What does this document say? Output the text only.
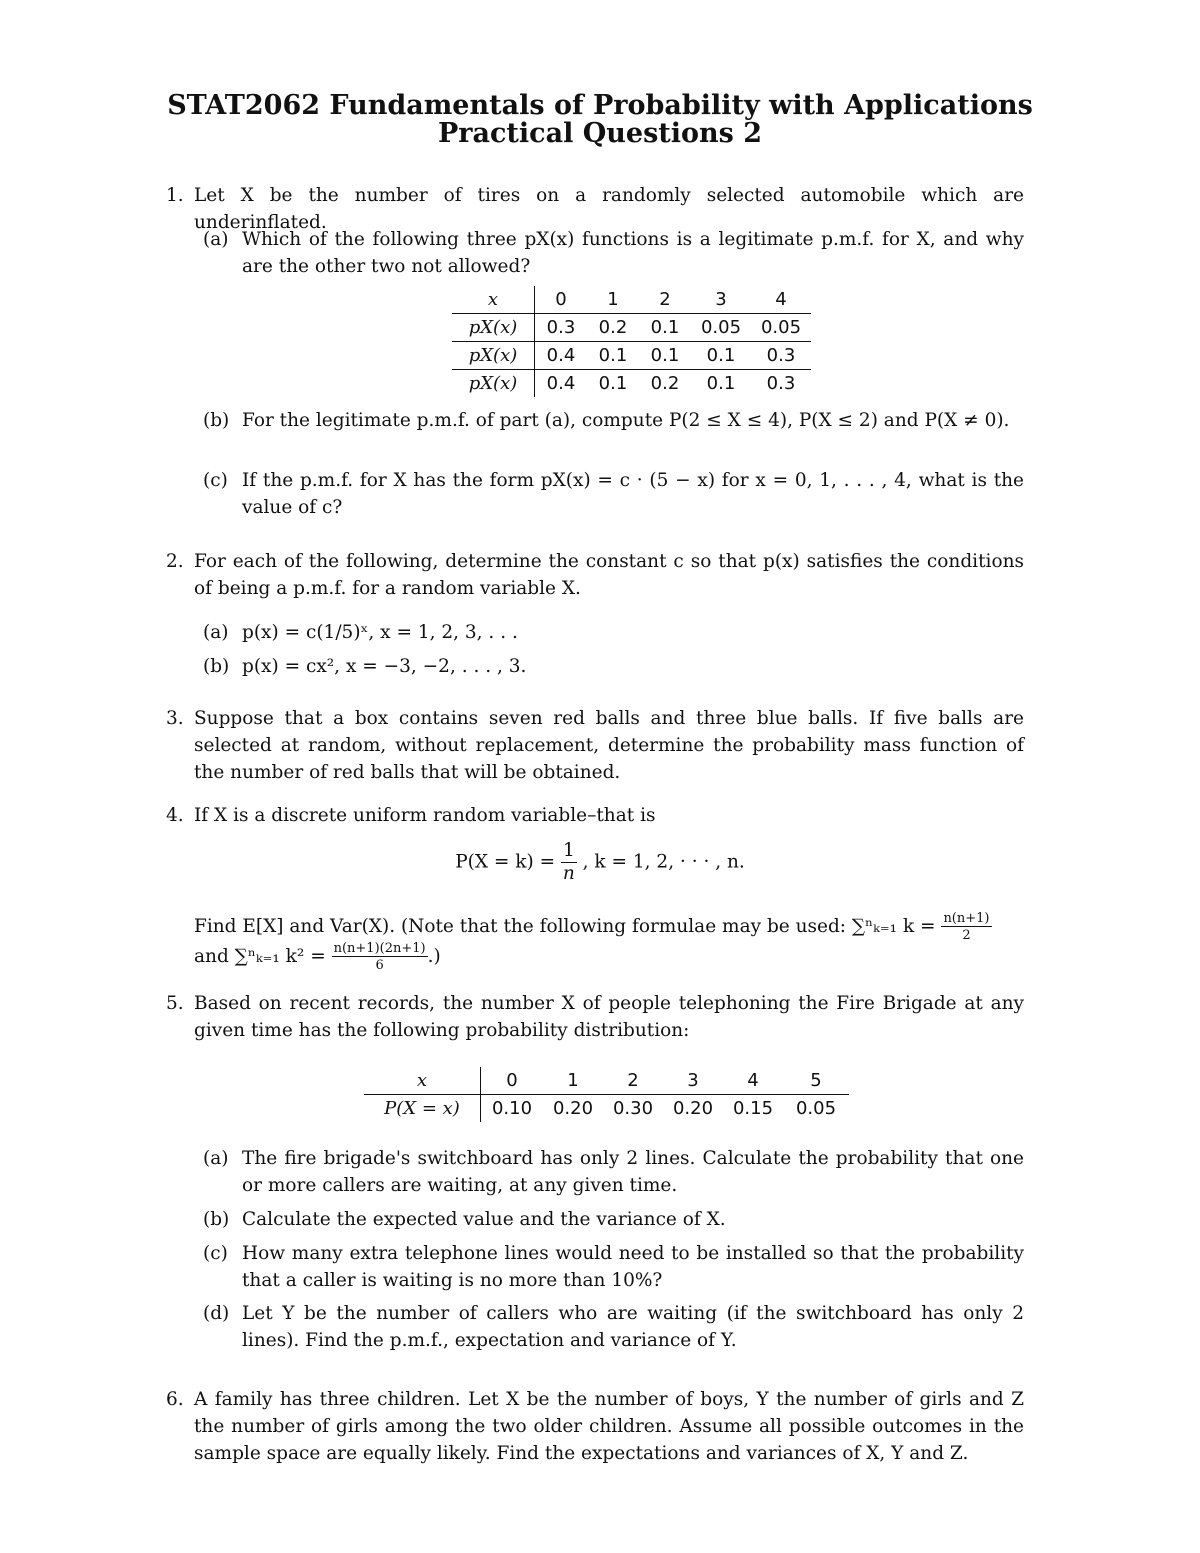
STAT2062 Fundamentals of Probability with Applications
Practical Questions 2
1. Let X be the number of tires on a randomly selected automobile which are underinflated.
(a) Which of the following three pX(x) functions is a legitimate p.m.f. for X, and why are the other two not allowed?
x	0	1	2	3	4
pX(x)	0.3	0.2	0.1	0.05	0.05
pX(x)	0.4	0.1	0.1	0.1	0.3
pX(x)	0.4	0.1	0.2	0.1	0.3
(b) For the legitimate p.m.f. of part (a), compute P(2 ≤ X ≤ 4), P(X ≤ 2) and P(X ≠ 0).
(c) If the p.m.f. for X has the form pX(x) = c · (5 − x) for x = 0, 1, . . . , 4, what is the value of c?
2. For each of the following, determine the constant c so that p(x) satisfies the conditions of being a p.m.f. for a random variable X.
(a) p(x) = c(1/5)ˣ, x = 1, 2, 3, . . .
(b) p(x) = cx², x = −3, −2, . . . , 3.
3. Suppose that a box contains seven red balls and three blue balls. If five balls are selected at random, without replacement, determine the probability mass function of the number of red balls that will be obtained.
4. If X is a discrete uniform random variable–that is
$P(X = k) = \frac{1}{n}$ , k = 1, 2, · · · , n.
Find E[X] and Var(X). (Note that the following formulae may be used: ∑ⁿₖ₌₁ $k = \frac{n(n+1)}{2}$

and ∑ⁿₖ₌₁ $k^2 = \frac{n(n+1)(2n+1)}{6}$ .)
5. Based on recent records, the number X of people telephoning the Fire Brigade at any given time has the following probability distribution:
x	0	1	2	3	4	5
P(X = x)	0.10	0.20	0.30	0.20	0.15	0.05
(a) The fire brigade's switchboard has only 2 lines. Calculate the probability that one or more callers are waiting, at any given time.
(b) Calculate the expected value and the variance of X.
(c) How many extra telephone lines would need to be installed so that the probability that a caller is waiting is no more than 10%?
(d) Let Y be the number of callers who are waiting (if the switchboard has only 2 lines). Find the p.m.f., expectation and variance of Y.
6. A family has three children. Let X be the number of boys, Y the number of girls and Z the number of girls among the two older children. Assume all possible outcomes in the sample space are equally likely. Find the expectations and variances of X, Y and Z.
